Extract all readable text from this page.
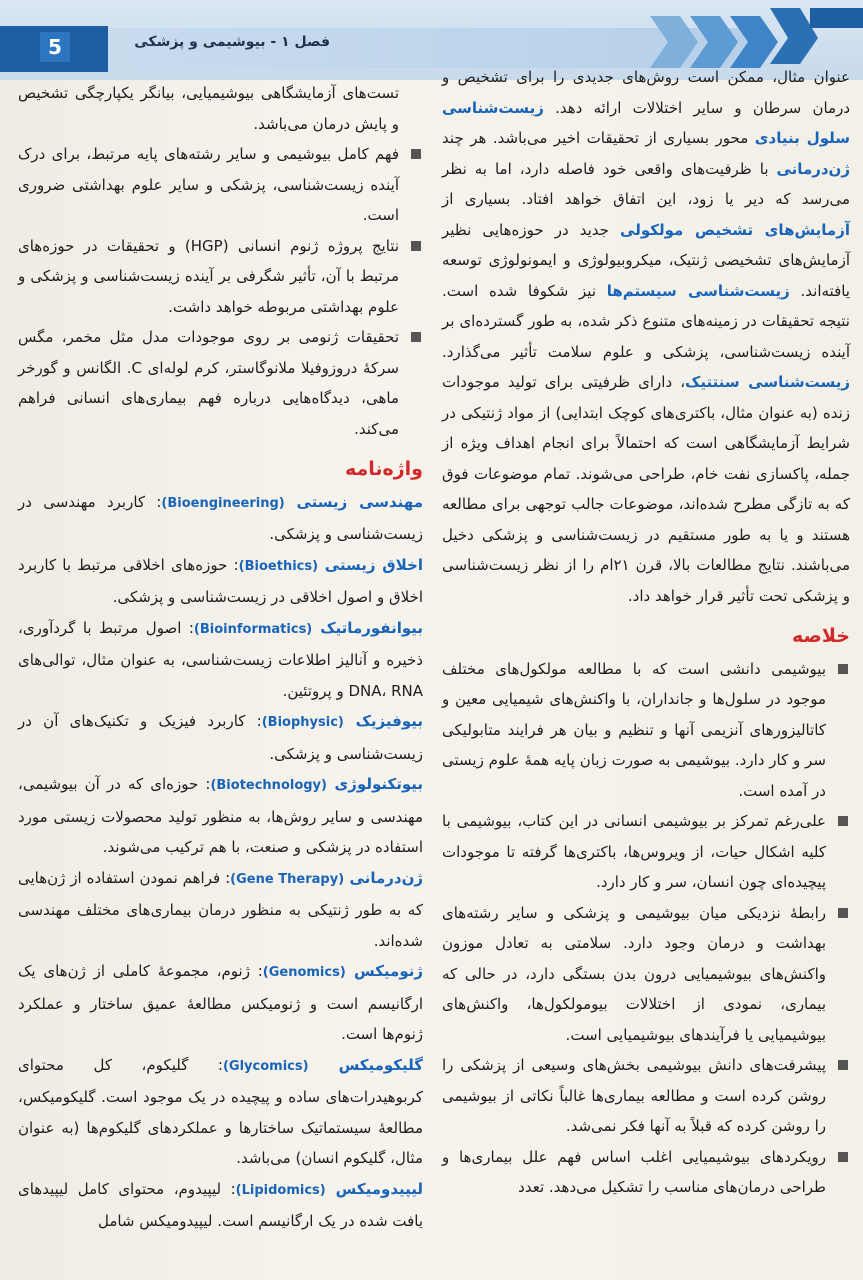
5	فصل ۱ - بیوشیمی و پزشکی

عنوان مثال، ممکن است روش‌های جدیدی را برای تشخیص و درمان سرطان و سایر اختلالات ارائه دهد. زیست‌شناسی سلول بنیادی محور بسیاری از تحقیقات اخیر می‌باشد. هر چند ژن‌درمانی با ظرفیت‌های واقعی خود فاصله دارد، اما به نظر می‌رسد که دیر یا زود، این اتفاق خواهد افتاد. بسیاری از آزمایش‌های تشخیص مولکولی جدید در حوزه‌هایی نظیر آزمایش‌های تشخیصی ژنتیک، میکروبیولوژی و ایمونولوژی توسعه یافته‌اند. زیست‌شناسی سیستم‌ها نیز شکوفا شده است. نتیجه تحقیقات در زمینه‌های متنوع ذکر شده، به طور گسترده‌ای بر آینده زیست‌شناسی، پزشکی و علوم سلامت تأثیر می‌گذارد. زیست‌شناسی سنتتیک، دارای ظرفیتی برای تولید موجودات زنده (به عنوان مثال، باکتری‌های کوچک ابتدایی) از مواد ژنتیکی در شرایط آزمایشگاهی است که احتمالاً برای انجام اهداف ویژه از جمله، پاکسازی نفت خام، طراحی می‌شوند. تمام موضوعات فوق که به تازگی مطرح شده‌اند، موضوعات جالب توجهی برای مطالعه هستند و یا به طور مستقیم در زیست‌شناسی و پزشکی دخیل می‌باشند. نتایج مطالعات بالا، قرن ۲۱ام را از نظر زیست‌شناسی و پزشکی تحت تأثیر قرار خواهد داد.

خلاصه
بیوشیمی دانشی است که با مطالعه مولکول‌های مختلف موجود در سلول‌ها و جانداران، با واکنش‌های شیمیایی معین و کاتالیزورهای آنزیمی آنها و تنظیم و بیان هر فرایند متابولیکی سر و کار دارد. بیوشیمی به صورت زبان پایه همهٔ علوم زیستی در آمده است.
علی‌رغم تمرکز بر بیوشیمی انسانی در این کتاب، بیوشیمی با کلیه اشکال حیات، از ویروس‌ها، باکتری‌ها گرفته تا موجودات پیچیده‌ای چون انسان، سر و کار دارد.
رابطهٔ نزدیکی میان بیوشیمی و پزشکی و سایر رشته‌های بهداشت و درمان وجود دارد. سلامتی به تعادل موزون واکنش‌های بیوشیمیایی درون بدن بستگی دارد، در حالی که بیماری، نمودی از اختلالات بیومولکول‌ها، واکنش‌های بیوشیمیایی یا فرآیندهای بیوشیمیایی است.
پیشرفت‌های دانش بیوشیمی بخش‌های وسیعی از پزشکی را روشن کرده است و مطالعه بیماری‌ها غالباً نکاتی از بیوشیمی را روشن کرده که قبلاً به آنها فکر نمی‌شد.
رویکردهای بیوشیمیایی اغلب اساس فهم علل بیماری‌ها و طراحی درمان‌های مناسب را تشکیل می‌دهد. تعدد
تست‌های آزمایشگاهی بیوشیمیایی، بیانگر یکپارچگی تشخیص و پایش درمان می‌باشد.
فهم کامل بیوشیمی و سایر رشته‌های پایه مرتبط، برای درک آینده زیست‌شناسی، پزشکی و سایر علوم بهداشتی ضروری است.
نتایج پروژه ژنوم انسانی (HGP) و تحقیقات در حوزه‌های مرتبط با آن، تأثیر شگرفی بر آینده زیست‌شناسی و پزشکی و علوم بهداشتی مربوطه خواهد داشت.
تحقیقات ژنومی بر روی موجودات مدل مثل مخمر، مگس سرکهٔ دروزوفیلا ملانوگاستر، کرم لوله‌ای C. الگانس و گورخر ماهی، دیدگاه‌هایی درباره فهم بیماری‌های انسانی فراهم می‌کند.
واژه‌نامه

مهندسی زیستی (Bioengineering): کاربرد مهندسی در زیست‌شناسی و پزشکی.

اخلاق زیستی (Bioethics): حوزه‌های اخلاقی مرتبط با کاربرد اخلاق و اصول اخلاقی در زیست‌شناسی و پزشکی.

بیوانفورماتیک (Bioinformatics): اصول مرتبط با گردآوری، ذخیره و آنالیز اطلاعات زیست‌شناسی، به عنوان مثال، توالی‌های DNA، RNA و پروتئین.

بیوفیزیک (Biophysic): کاربرد فیزیک و تکنیک‌های آن در زیست‌شناسی و پزشکی.

بیوتکنولوژی (Biotechnology): حوزه‌ای که در آن بیوشیمی، مهندسی و سایر روش‌ها، به منظور تولید محصولات زیستی مورد استفاده در پزشکی و صنعت، با هم ترکیب می‌شوند.

ژن‌درمانی (Gene Therapy): فراهم نمودن استفاده از ژن‌هایی که به طور ژنتیکی به منظور درمان بیماری‌های مختلف مهندسی شده‌اند.

ژنومیکس (Genomics): ژنوم، مجموعهٔ کاملی از ژن‌های یک ارگانیسم است و ژنومیکس مطالعهٔ عمیق ساختار و عملکرد ژنوم‌ها است.

گلیکومیکس (Glycomics): گلیکوم، کل محتوای کربوهیدرات‌های ساده و پیچیده در یک موجود است. گلیکومیکس، مطالعهٔ سیستماتیک ساختارها و عملکردهای گلیکوم‌ها (به عنوان مثال، گلیکوم انسان) می‌باشد.

لیپیدومیکس (Lipidomics): لیپیدوم، محتوای کامل لیپیدهای یافت شده در یک ارگانیسم است. لیپیدومیکس شامل
